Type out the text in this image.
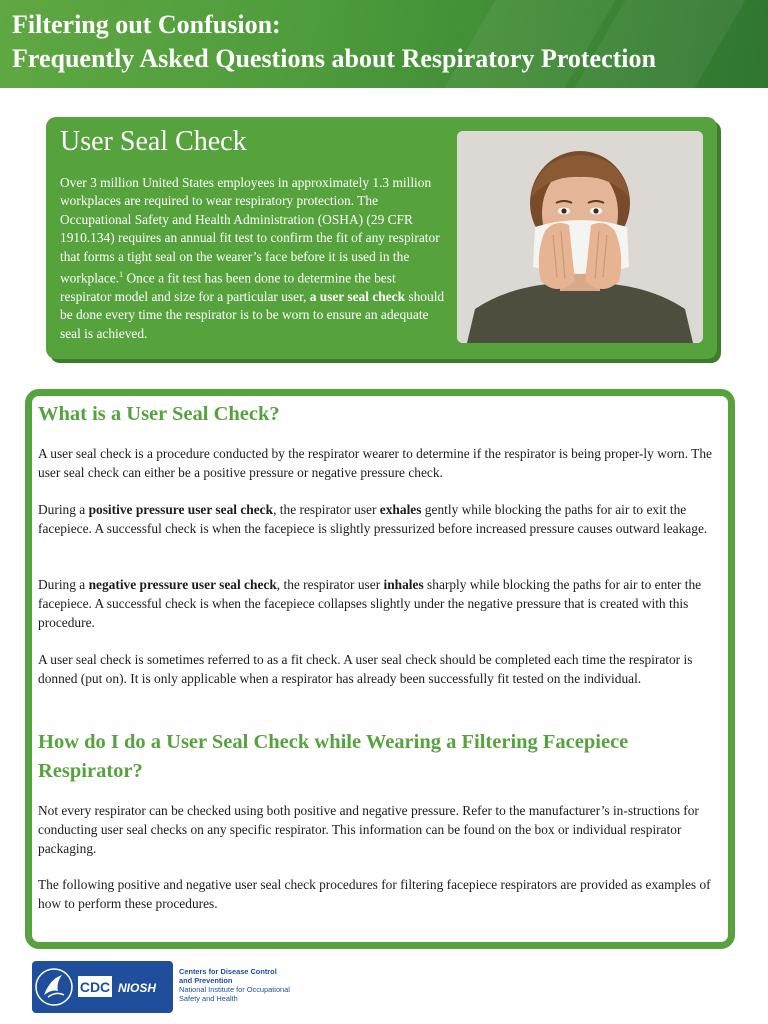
Filtering out Confusion:
Frequently Asked Questions about Respiratory Protection
User Seal Check
Over 3 million United States employees in approximately 1.3 million workplaces are required to wear respiratory protection. The Occupational Safety and Health Administration (OSHA) (29 CFR 1910.134) requires an annual fit test to confirm the fit of any respirator that forms a tight seal on the wearer’s face before it is used in the workplace.$^1$ Once a fit test has been done to determine the best respirator model and size for a particular user, a user seal check should be done every time the respirator is to be worn to ensure an adequate seal is achieved.
What is a User Seal Check?
A user seal check is a procedure conducted by the respirator wearer to determine if the respirator is being proper-ly worn. The user seal check can either be a positive pressure or negative pressure check.
During a positive pressure user seal check, the respirator user exhales gently while blocking the paths for air to exit the facepiece. A successful check is when the facepiece is slightly pressurized before increased pressure causes outward leakage.
During a negative pressure user seal check, the respirator user inhales sharply while blocking the paths for air to enter the facepiece. A successful check is when the facepiece collapses slightly under the negative pressure that is created with this procedure.
A user seal check is sometimes referred to as a fit check. A user seal check should be completed each time the respirator is donned (put on). It is only applicable when a respirator has already been successfully fit tested on the individual.
How do I do a User Seal Check while Wearing a Filtering Facepiece
Respirator?
Not every respirator can be checked using both positive and negative pressure. Refer to the manufacturer’s in-structions for conducting user seal checks on any specific respirator. This information can be found on the box or individual respirator packaging.
The following positive and negative user seal check procedures for filtering facepiece respirators are provided as examples of how to perform these procedures.
CDC NIOSH
Centers for Disease Control
and Prevention
National Institute for Occupational
Safety and Health
